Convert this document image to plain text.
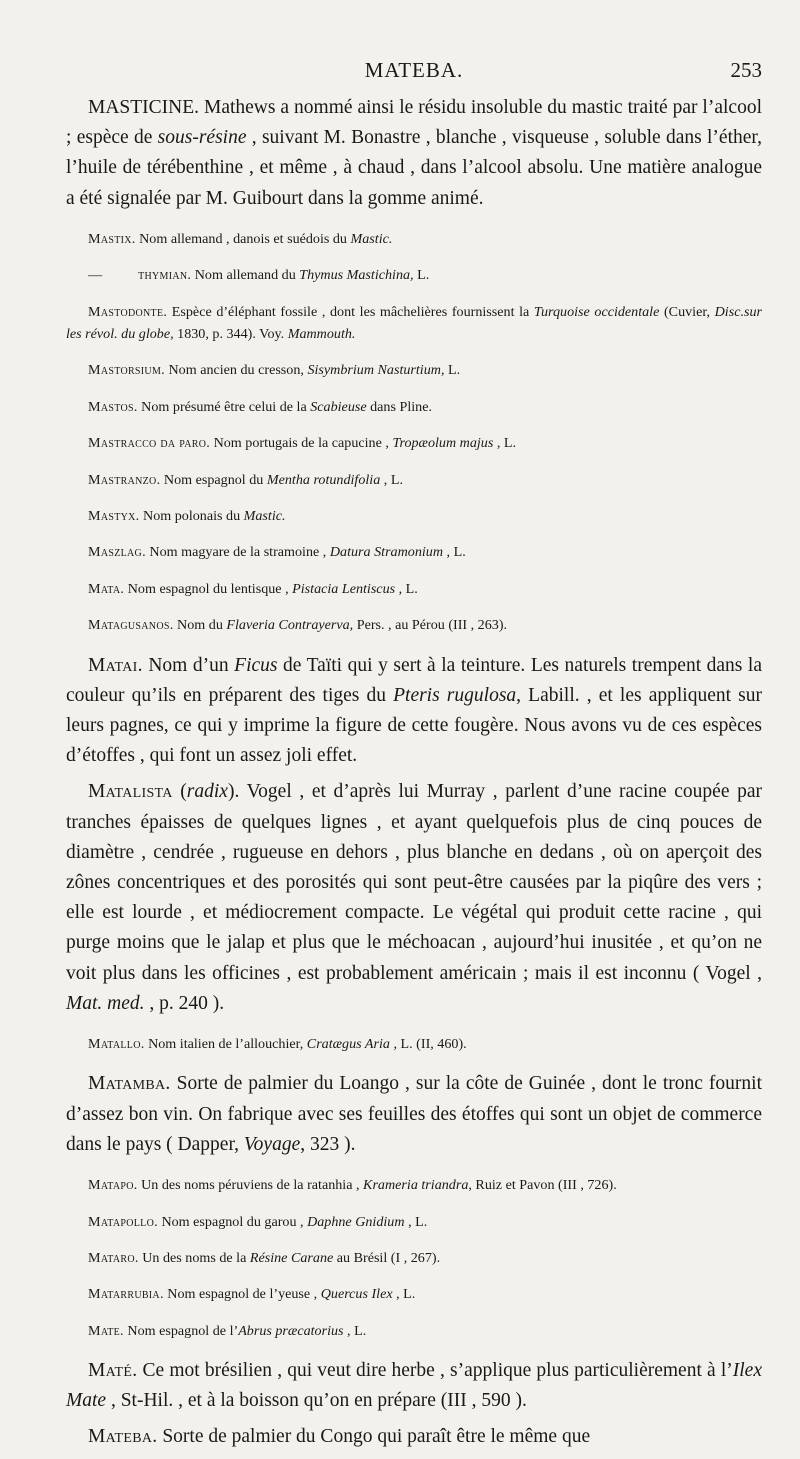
MATEBA.	253

MASTICINE. Mathews a nommé ainsi le résidu insoluble du mastic traité par l’alcool ; espèce de sous-résine , suivant M. Bonastre , blanche , visqueuse , soluble dans l’éther, l’huile de térébenthine , et même , à chaud , dans l’alcool absolu. Une matière analogue a été signalée par M. Guibourt dans la gomme animé.

Mastix. Nom allemand , danois et suédois du Mastic.

—	thymian. Nom allemand du Thymus Mastichina, L.

Mastodonte. Espèce d’éléphant fossile , dont les mâchelières fournissent la Turquoise occidentale (Cuvier, Disc.sur les révol. du globe, 1830, p. 344). Voy. Mammouth.

Mastorsium. Nom ancien du cresson, Sisymbrium Nasturtium, L.

Mastos. Nom présumé être celui de la Scabieuse dans Pline.

Mastracco da paro. Nom portugais de la capucine , Tropæolum majus , L.

Mastranzo. Nom espagnol du Mentha rotundifolia , L.

Mastyx. Nom polonais du Mastic.

Maszlag. Nom magyare de la stramoine , Datura Stramonium , L.

Mata. Nom espagnol du lentisque , Pistacia Lentiscus , L.

Matagusanos. Nom du Flaveria Contrayerva, Pers. , au Pérou (III , 263).

Matai. Nom d’un Ficus de Taïti qui y sert à la teinture. Les naturels trempent dans la couleur qu’ils en préparent des tiges du Pteris rugulosa, Labill. , et les appliquent sur leurs pagnes, ce qui y imprime la figure de cette fougère. Nous avons vu de ces espèces d’étoffes , qui font un assez joli effet.

Matalista (radix). Vogel , et d’après lui Murray , parlent d’une racine coupée par tranches épaisses de quelques lignes , et ayant quelquefois plus de cinq pouces de diamètre , cendrée , rugueuse en dehors , plus blanche en dedans , où on aperçoit des zônes concentriques et des porosités qui sont peut-être causées par la piqûre des vers ; elle est lourde , et médiocrement compacte. Le végétal qui produit cette racine , qui purge moins que le jalap et plus que le méchoacan , aujourd’hui inusitée , et qu’on ne voit plus dans les officines , est probablement américain ; mais il est inconnu ( Vogel , Mat. med. , p. 240 ).

Matallo. Nom italien de l’allouchier, Cratægus Aria , L. (II, 460).

Matamba. Sorte de palmier du Loango , sur la côte de Guinée , dont le tronc fournit d’assez bon vin. On fabrique avec ses feuilles des étoffes qui sont un objet de commerce dans le pays ( Dapper, Voyage, 323 ).

Matapo. Un des noms péruviens de la ratanhia , Krameria triandra, Ruiz et Pavon (III , 726).

Matapollo. Nom espagnol du garou , Daphne Gnidium , L.

Mataro. Un des noms de la Résine Carane au Brésil (I , 267).

Matarrubia. Nom espagnol de l’yeuse , Quercus Ilex , L.

Mate. Nom espagnol de l’Abrus præcatorius , L.

Maté. Ce mot brésilien , qui veut dire herbe , s’applique plus particulièrement à l’Ilex Mate , St-Hil. , et à la boisson qu’on en prépare (III , 590 ).

Mateba. Sorte de palmier du Congo qui paraît être le même que
